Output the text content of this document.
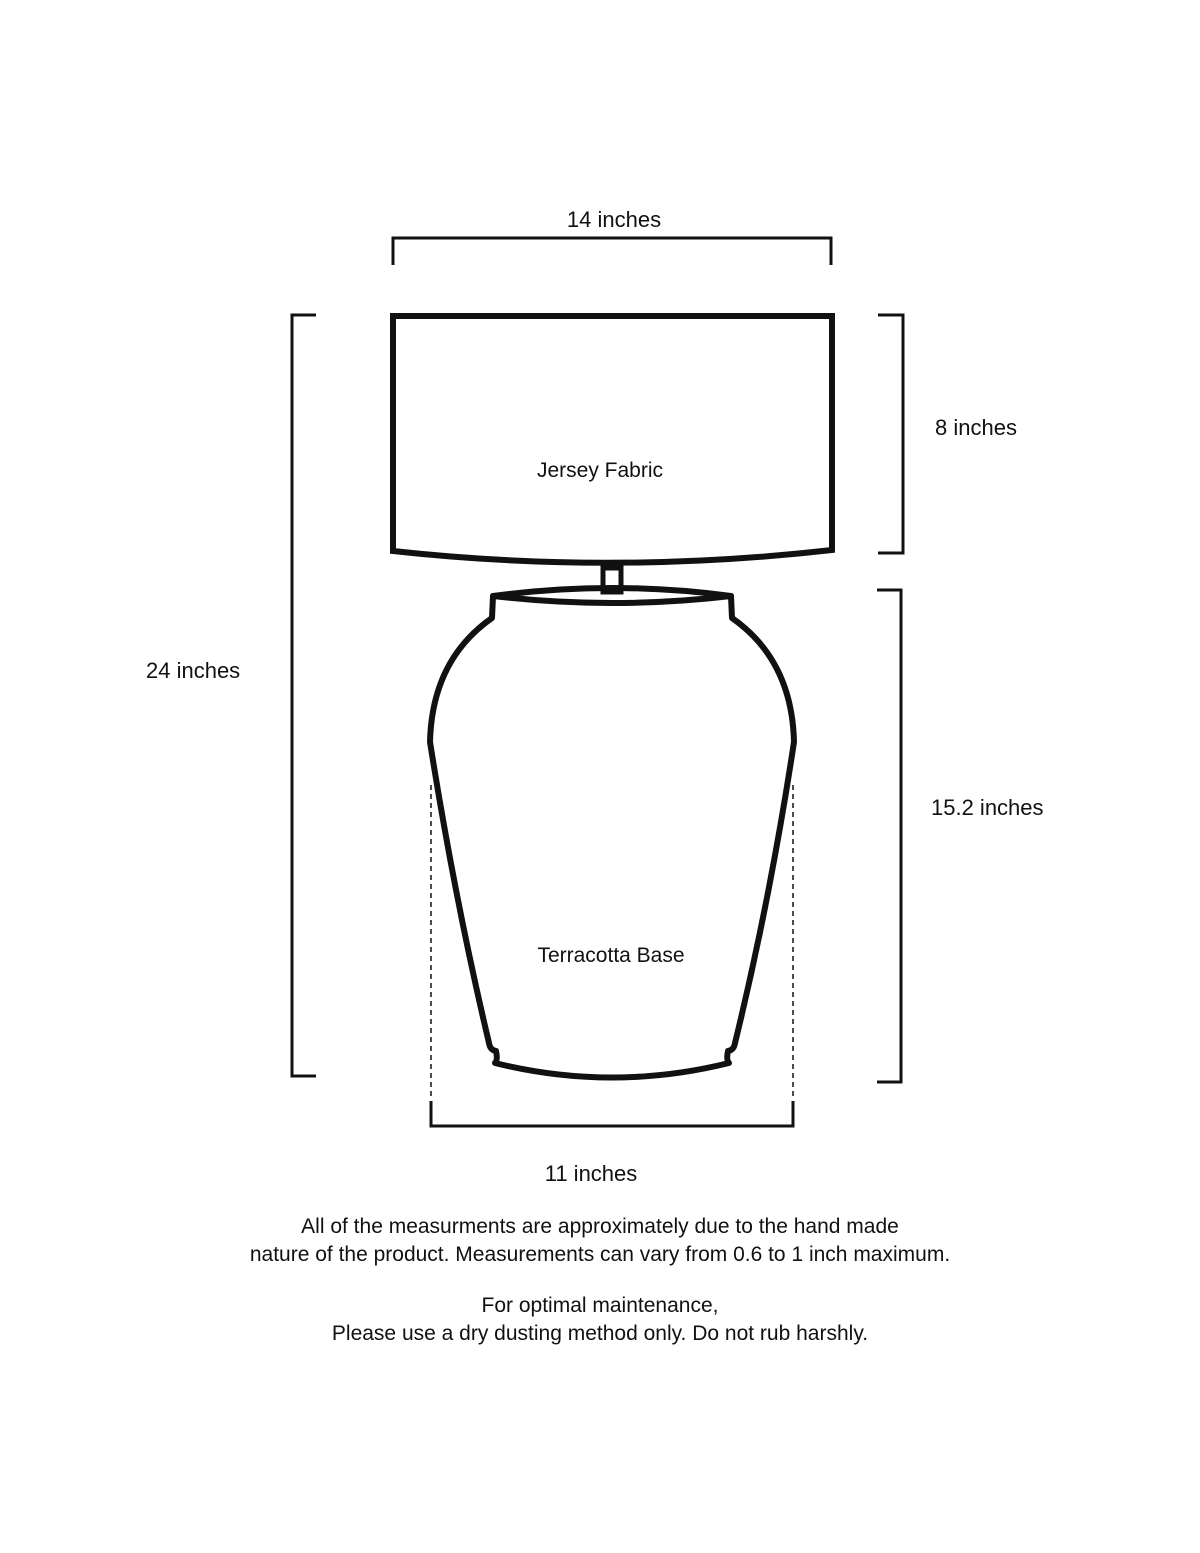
14 inches
8 inches
24 inches
15.2 inches
11 inches
Jersey Fabric
Terracotta Base
All of the measurments are approximately due to the hand made
nature of the product. Measurements can vary from 0.6 to 1 inch maximum.
For optimal maintenance,
Please use a dry dusting method only. Do not rub harshly.
